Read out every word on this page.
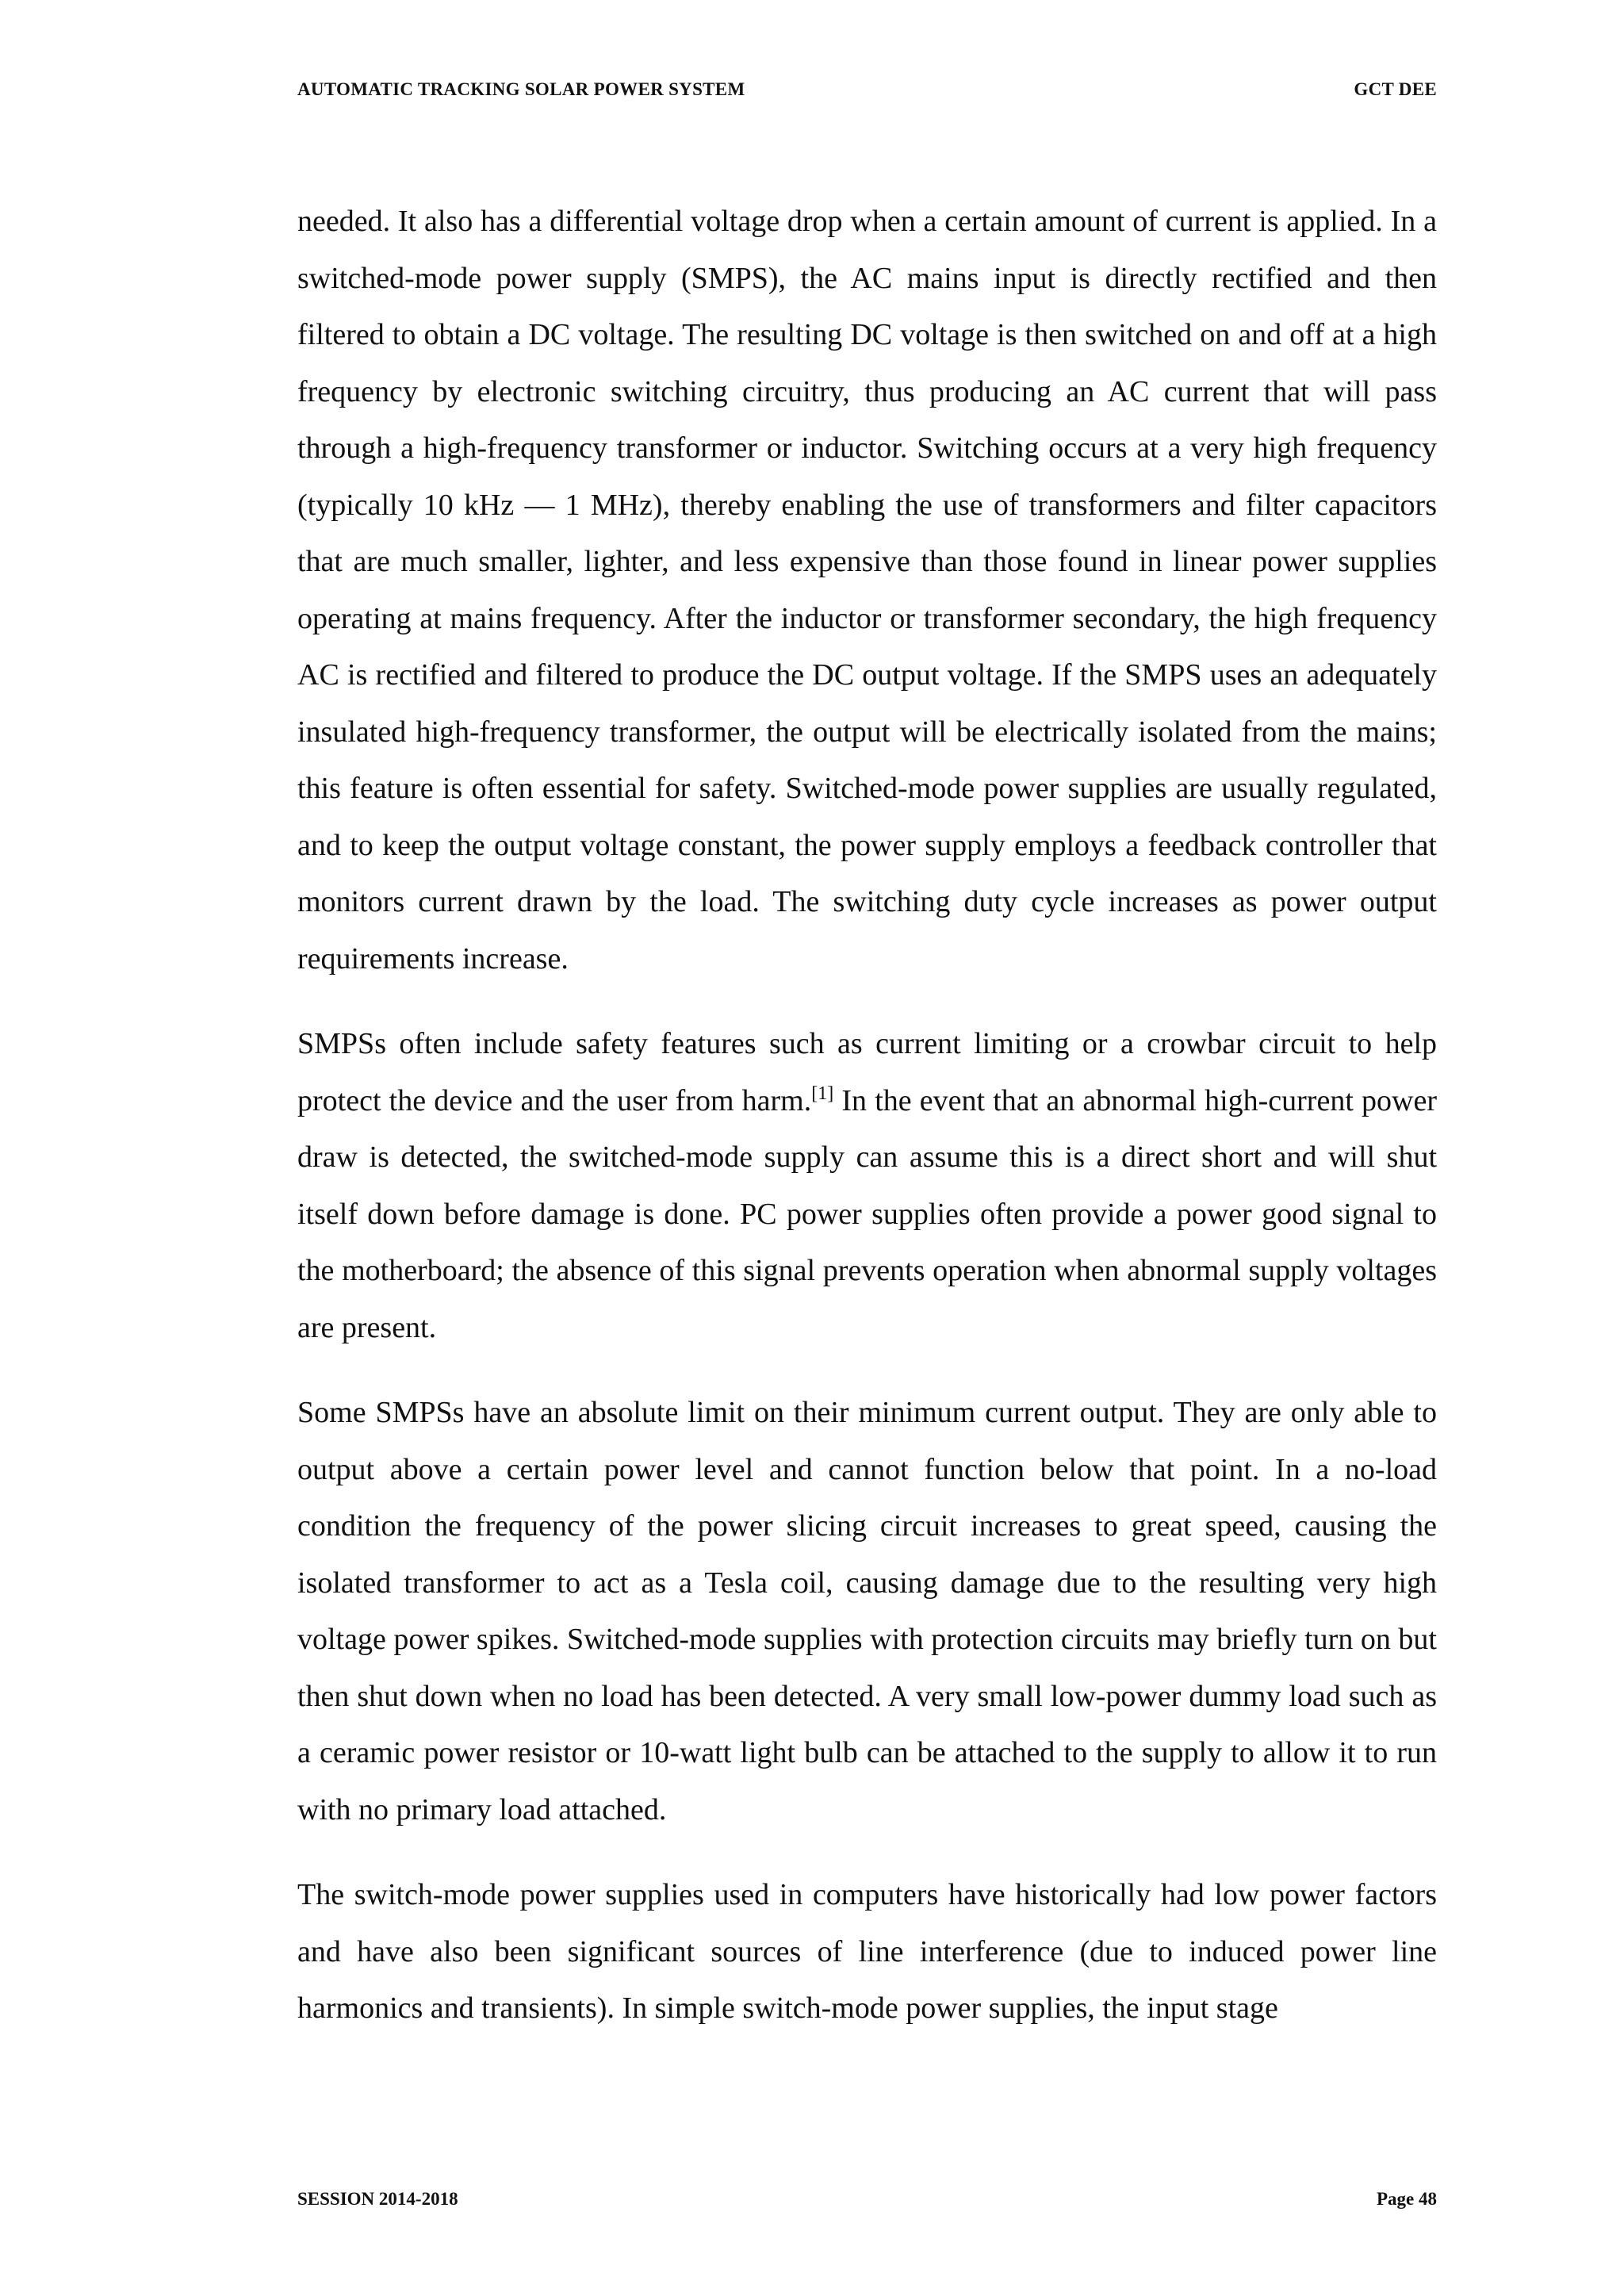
AUTOMATIC TRACKING SOLAR POWER SYSTEM	GCT DEE

needed. It also has a differential voltage drop when a certain amount of current is applied. In a switched-mode power supply (SMPS), the AC mains input is directly rectified and then filtered to obtain a DC voltage. The resulting DC voltage is then switched on and off at a high frequency by electronic switching circuitry, thus producing an AC current that will pass through a high-frequency transformer or inductor. Switching occurs at a very high frequency (typically 10 kHz — 1 MHz), thereby enabling the use of transformers and filter capacitors that are much smaller, lighter, and less expensive than those found in linear power supplies operating at mains frequency. After the inductor or transformer secondary, the high frequency AC is rectified and filtered to produce the DC output voltage. If the SMPS uses an adequately insulated high-frequency transformer, the output will be electrically isolated from the mains; this feature is often essential for safety. Switched-mode power supplies are usually regulated, and to keep the output voltage constant, the power supply employs a feedback controller that monitors current drawn by the load. The switching duty cycle increases as power output requirements increase.

SMPSs often include safety features such as current limiting or a crowbar circuit to help protect the device and the user from harm.[1] In the event that an abnormal high-current power draw is detected, the switched-mode supply can assume this is a direct short and will shut itself down before damage is done. PC power supplies often provide a power good signal to the motherboard; the absence of this signal prevents operation when abnormal supply voltages are present.

Some SMPSs have an absolute limit on their minimum current output. They are only able to output above a certain power level and cannot function below that point. In a no-load condition the frequency of the power slicing circuit increases to great speed, causing the isolated transformer to act as a Tesla coil, causing damage due to the resulting very high voltage power spikes. Switched-mode supplies with protection circuits may briefly turn on but then shut down when no load has been detected. A very small low-power dummy load such as a ceramic power resistor or 10-watt light bulb can be attached to the supply to allow it to run with no primary load attached.

The switch-mode power supplies used in computers have historically had low power factors and have also been significant sources of line interference (due to induced power line harmonics and transients). In simple switch-mode power supplies, the input stage

SESSION 2014-2018	Page 48
